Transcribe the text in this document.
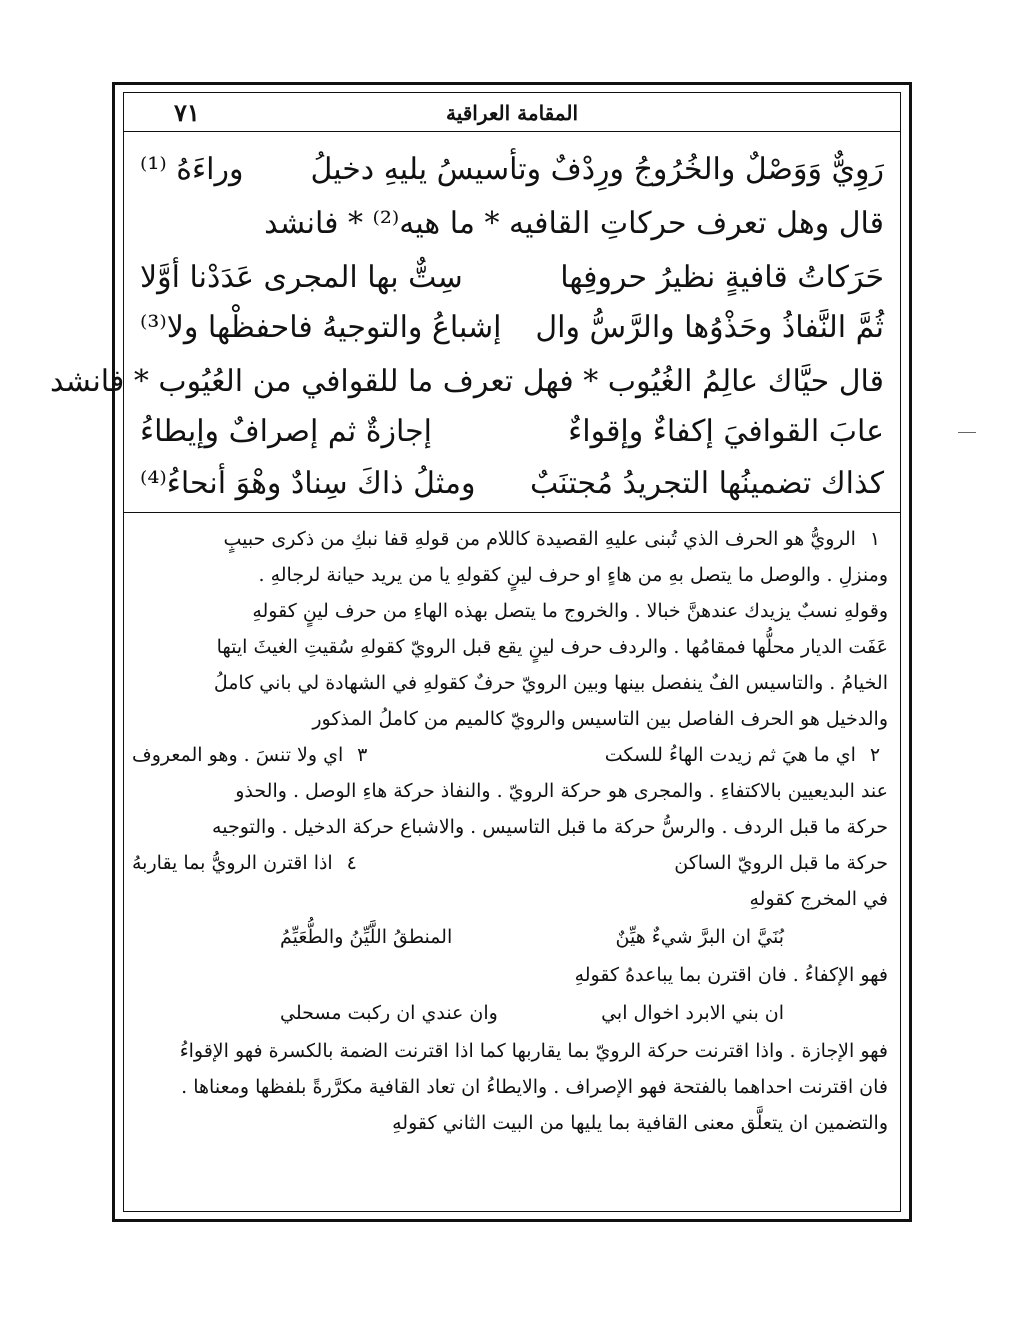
المقامة العراقية
٧١
رَوِيٌّ وَوَصْلٌ والخُرُوجُ ورِدْفٌ وتأسيسُ يليهِ دخيلُ
وراءَهُ ⁽¹⁾
قال وهل تعرف حركاتِ القافيه * ما هيه⁽²⁾ * فانشد
حَرَكاتُ قافيةٍ نظيرُ حروفِها
سِتٌّ بها المجرى عَدَدْنا أوَّلا
ثُمَّ النَّفاذُ وحَذْوُها والرَّسُّ وال
إشباعُ والتوجيهُ فاحفظْها ولا⁽³⁾
قال حيَّاك عالِمُ الغُيُوب * فهل تعرف ما للقوافي من العُيُوب * فانشد
عابَ القوافيَ إكفاءٌ وإقواءٌ
إجازةٌ ثم إصرافٌ وإيطاءُ
كذاك تضمينُها التجريدُ مُجتنَبٌ
ومثلُ ذاكَ سِنادٌ وهْوَ أنحاءُ⁽⁴⁾
١ الرويُّ هو الحرف الذي تُبنى عليهِ القصيدة كاللام من قولهِ قفا نبكِ من ذكرى حبيبٍ
ومنزلِ . والوصل ما يتصل بهِ من هاءٍ او حرف لينٍ كقولهِ يا من يريد حيانة لرجالهِ .
وقولهِ نسبٌ يزيدك عندهنَّ خبالا . والخروج ما يتصل بهذه الهاءِ من حرف لينٍ كقولهِ
عَفَت الديار محلُّها فمقامُها . والردف حرف لينٍ يقع قبل الرويّ كقولهِ سُقيتِ الغيثَ ايتها
الخيامُ . والتاسيس الفٌ ينفصل بينها وبين الرويّ حرفٌ كقولهِ في الشهادة لي باني كاملُ
والدخيل هو الحرف الفاصل بين التاسيس والرويّ كالميم من كاملُ المذكور
٢ اي ما هيَ ثم زيدت الهاءُ للسكت
٣ اي ولا تنسَ . وهو المعروف
عند البديعيين بالاكتفاءِ . والمجرى هو حركة الرويّ . والنفاذ حركة هاءِ الوصل . والحذو
حركة ما قبل الردف . والرسُّ حركة ما قبل التاسيس . والاشباع حركة الدخيل . والتوجيه
حركة ما قبل الرويّ الساكن
٤ اذا اقترن الرويُّ بما يقاربهُ
في المخرج كقولهِ
بُنَيَّ ان البرَّ شيءٌ هيِّنٌ
المنطقُ اللَّيِّنُ والطُّعَيِّمُ
فهو الإكفاءُ . فان اقترن بما يباعدهُ كقولهِ
ان بني الابرد اخوال ابي
وان عندي ان ركبت مسحلي
فهو الإجازة . واذا اقترنت حركة الرويّ بما يقاربها كما اذا اقترنت الضمة بالكسرة فهو الإقواءُ
فان اقترنت احداهما بالفتحة فهو الإصراف . والايطاءُ ان تعاد القافية مكرَّرةً بلفظها ومعناها .
والتضمين ان يتعلَّق معنى القافية بما يليها من البيت الثاني كقولهِ
